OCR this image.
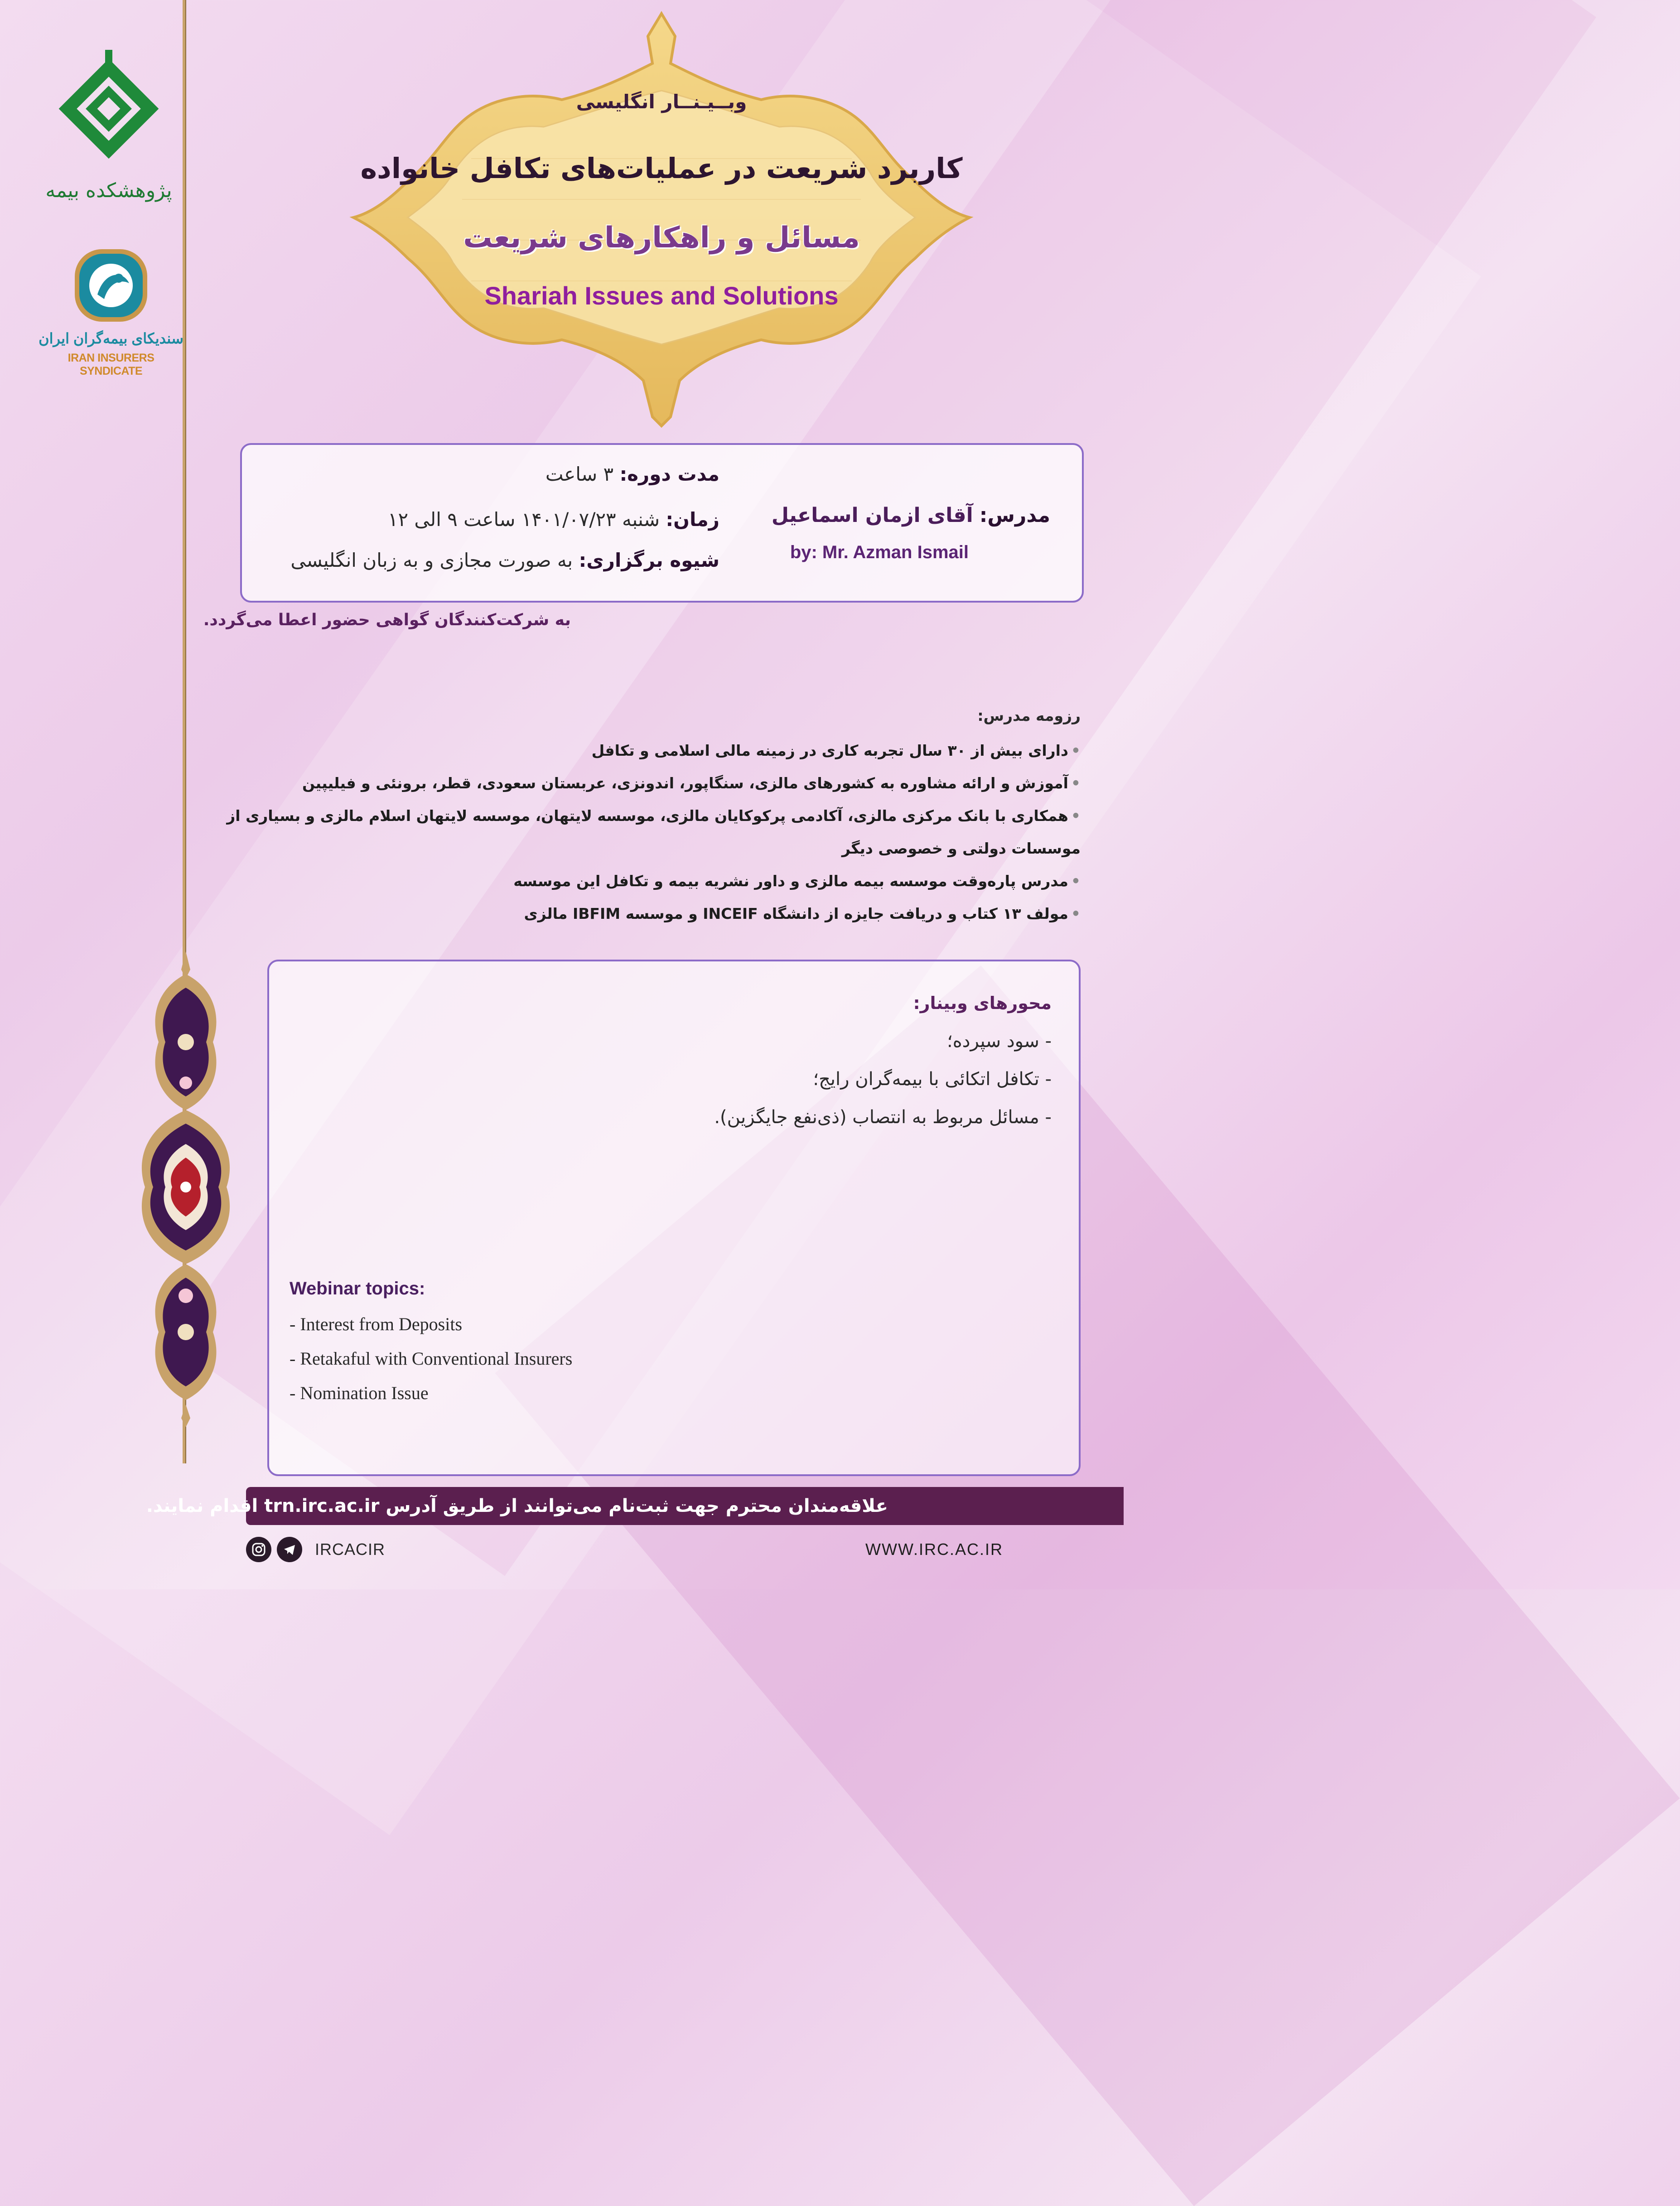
پژوهشکده بیمه
سندیکای بیمه‌گران ایران
IRAN INSURERS SYNDICATE
وبــیـنــار انگلیسی
کاربرد شریعت در عملیات‌های تکافل خانواده
مسائل و راهکارهای شریعت
Shariah Issues and Solutions
مدت دوره: ۳ ساعت
زمان: شنبه ۱۴۰۱/۰۷/۲۳ ساعت ۹ الی ۱۲
شیوه برگزاری: به صورت مجازی و به زبان انگلیسی
مدرس: آقای ازمان اسماعیل
by: Mr. Azman Ismail
به شرکت‌کنندگان گواهی حضور اعطا می‌گردد.
رزومه مدرس:
•دارای بیش از ۳۰ سال تجربه کاری در زمینه مالی اسلامی و تکافل
•آموزش و ارائه مشاوره به کشورهای مالزی، سنگاپور، اندونزی، عربستان سعودی، قطر، برونئی و فیلیپین
•همکاری با بانک مرکزی مالزی، آکادمی پرکوکایان مالزی، موسسه لایتهان، موسسه لایتهان اسلام مالزی و بسیاری از موسسات دولتی و خصوصی دیگر
•مدرس پاره‌وقت موسسه بیمه مالزی و داور نشریه بیمه و تکافل این موسسه
•مولف ۱۳ کتاب و دریافت جایزه از دانشگاه INCEIF و موسسه IBFIM مالزی
محورهای وبینار:
- سود سپرده؛
- تکافل اتکائی با بیمه‌گران رایج؛
- مسائل مربوط به انتصاب (ذی‌نفع جایگزین).
Webinar topics:
- Interest from Deposits
- Retakaful with Conventional Insurers
- Nomination Issue
علاقه‌مندان محترم جهت ثبت‌نام می‌توانند از طریق آدرس trn.irc.ac.ir اقدام نمایند.
IRCACIR	WWW.IRC.AC.IR
